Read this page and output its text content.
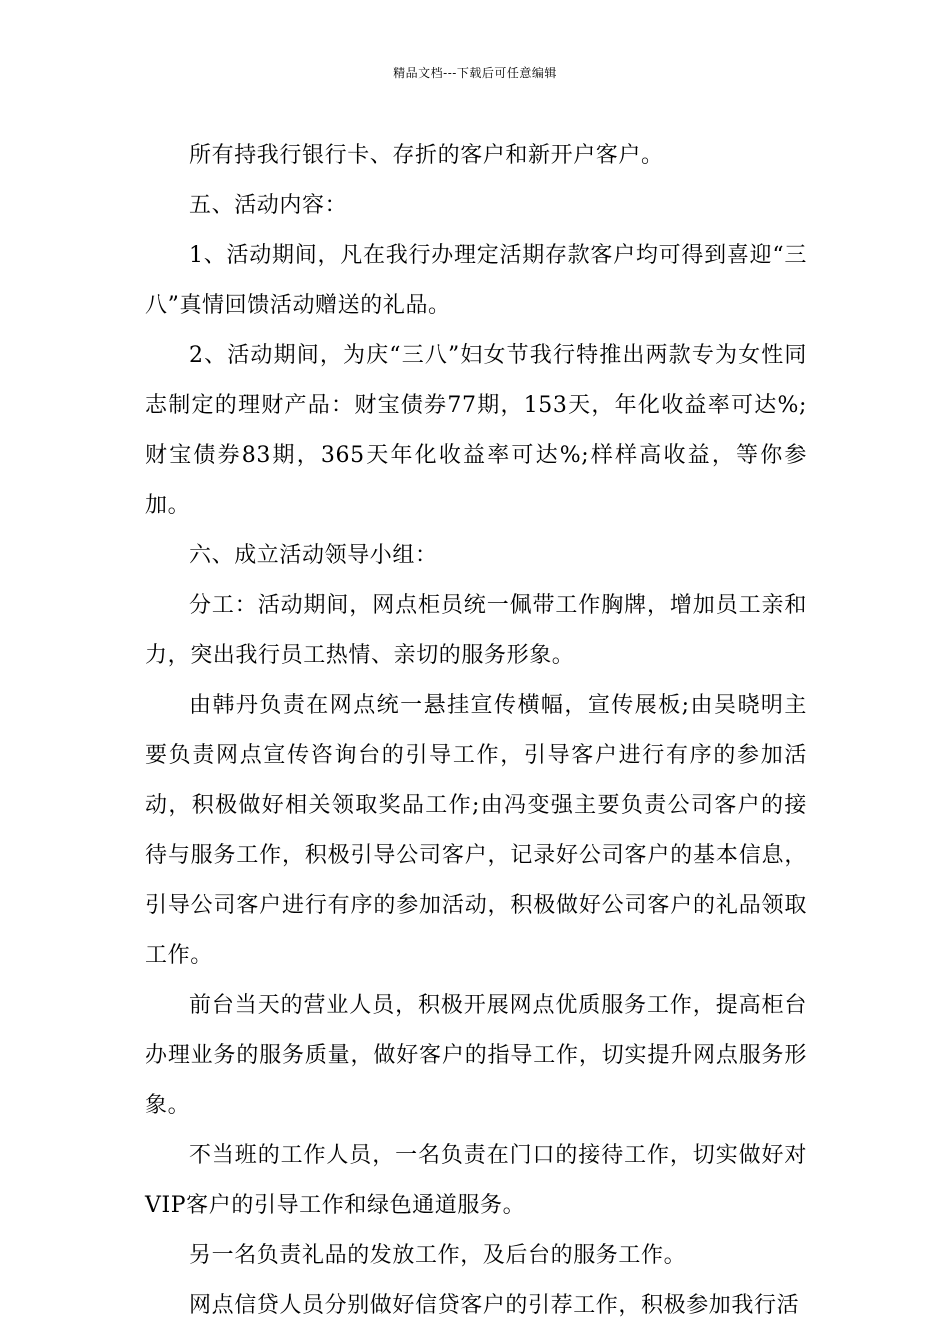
精品文档---下载后可任意编辑

所有持我行银行卡、存折的客户和新开户客户。

五、活动内容：

1、活动期间，凡在我行办理定活期存款客户均可得到喜迎“三八”真情回馈活动赠送的礼品。

2、活动期间，为庆“三八”妇女节我行特推出两款专为女性同志制定的理财产品：财宝债券77期，153天，年化收益率可达%;财宝债券83期，365天年化收益率可达%;样样高收益，等你参加。

六、成立活动领导小组：

分工：活动期间，网点柜员统一佩带工作胸牌，增加员工亲和力，突出我行员工热情、亲切的服务形象。

由韩丹负责在网点统一悬挂宣传横幅，宣传展板;由吴晓明主要负责网点宣传咨询台的引导工作，引导客户进行有序的参加活动，积极做好相关领取奖品工作;由冯变强主要负责公司客户的接待与服务工作，积极引导公司客户，记录好公司客户的基本信息，引导公司客户进行有序的参加活动，积极做好公司客户的礼品领取工作。

前台当天的营业人员，积极开展网点优质服务工作，提高柜台办理业务的服务质量，做好客户的指导工作，切实提升网点服务形象。

不当班的工作人员，一名负责在门口的接待工作，切实做好对VIP客户的引导工作和绿色通道服务。

另一名负责礼品的发放工作，及后台的服务工作。

网点信贷人员分别做好信贷客户的引荐工作，积极参加我行活
